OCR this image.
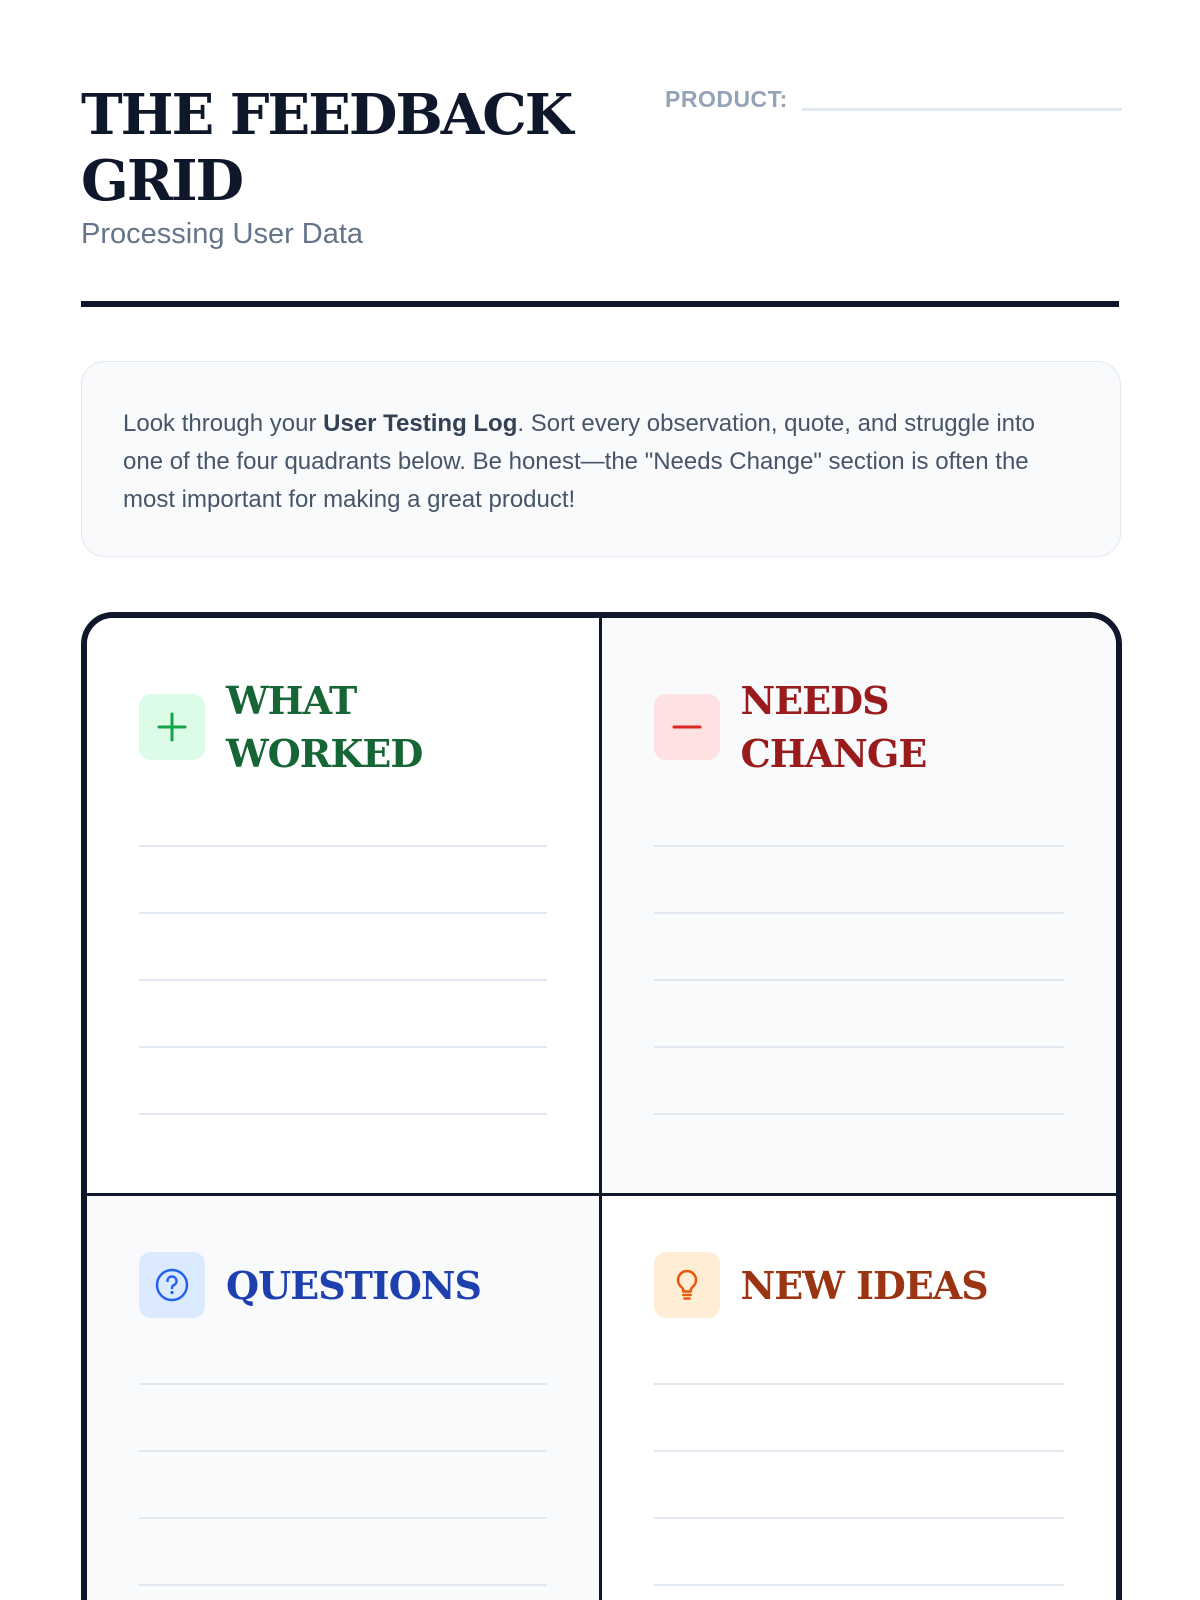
THE FEEDBACK GRID
Processing User Data
PRODUCT:
Look through your User Testing Log. Sort every observation, quote, and struggle into one of the four quadrants below. Be honest—the "Needs Change" section is often the most important for making a great product!
WHAT WORKED
NEEDS CHANGE
QUESTIONS	NEW IDEAS
